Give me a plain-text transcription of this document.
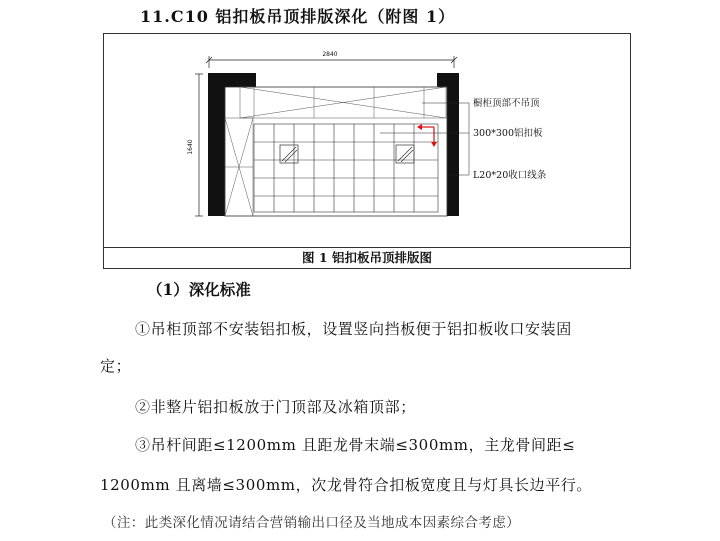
11.C10 铝扣板吊顶排版深化（附图 1）
2840
1640
橱柜顶部不吊顶
300*300铝扣板
L20*20收口线条
图 1 铝扣板吊顶排版图
（1）深化标准
①吊柜顶部不安装铝扣板，设置竖向挡板便于铝扣板收口安装固
定；
②非整片铝扣板放于门顶部及冰箱顶部；
③吊杆间距≤1200mm 且距龙骨末端≤300mm，主龙骨间距≤
1200mm 且离墙≤300mm，次龙骨符合扣板宽度且与灯具长边平行。
（注：此类深化情况请结合营销输出口径及当地成本因素综合考虑）
